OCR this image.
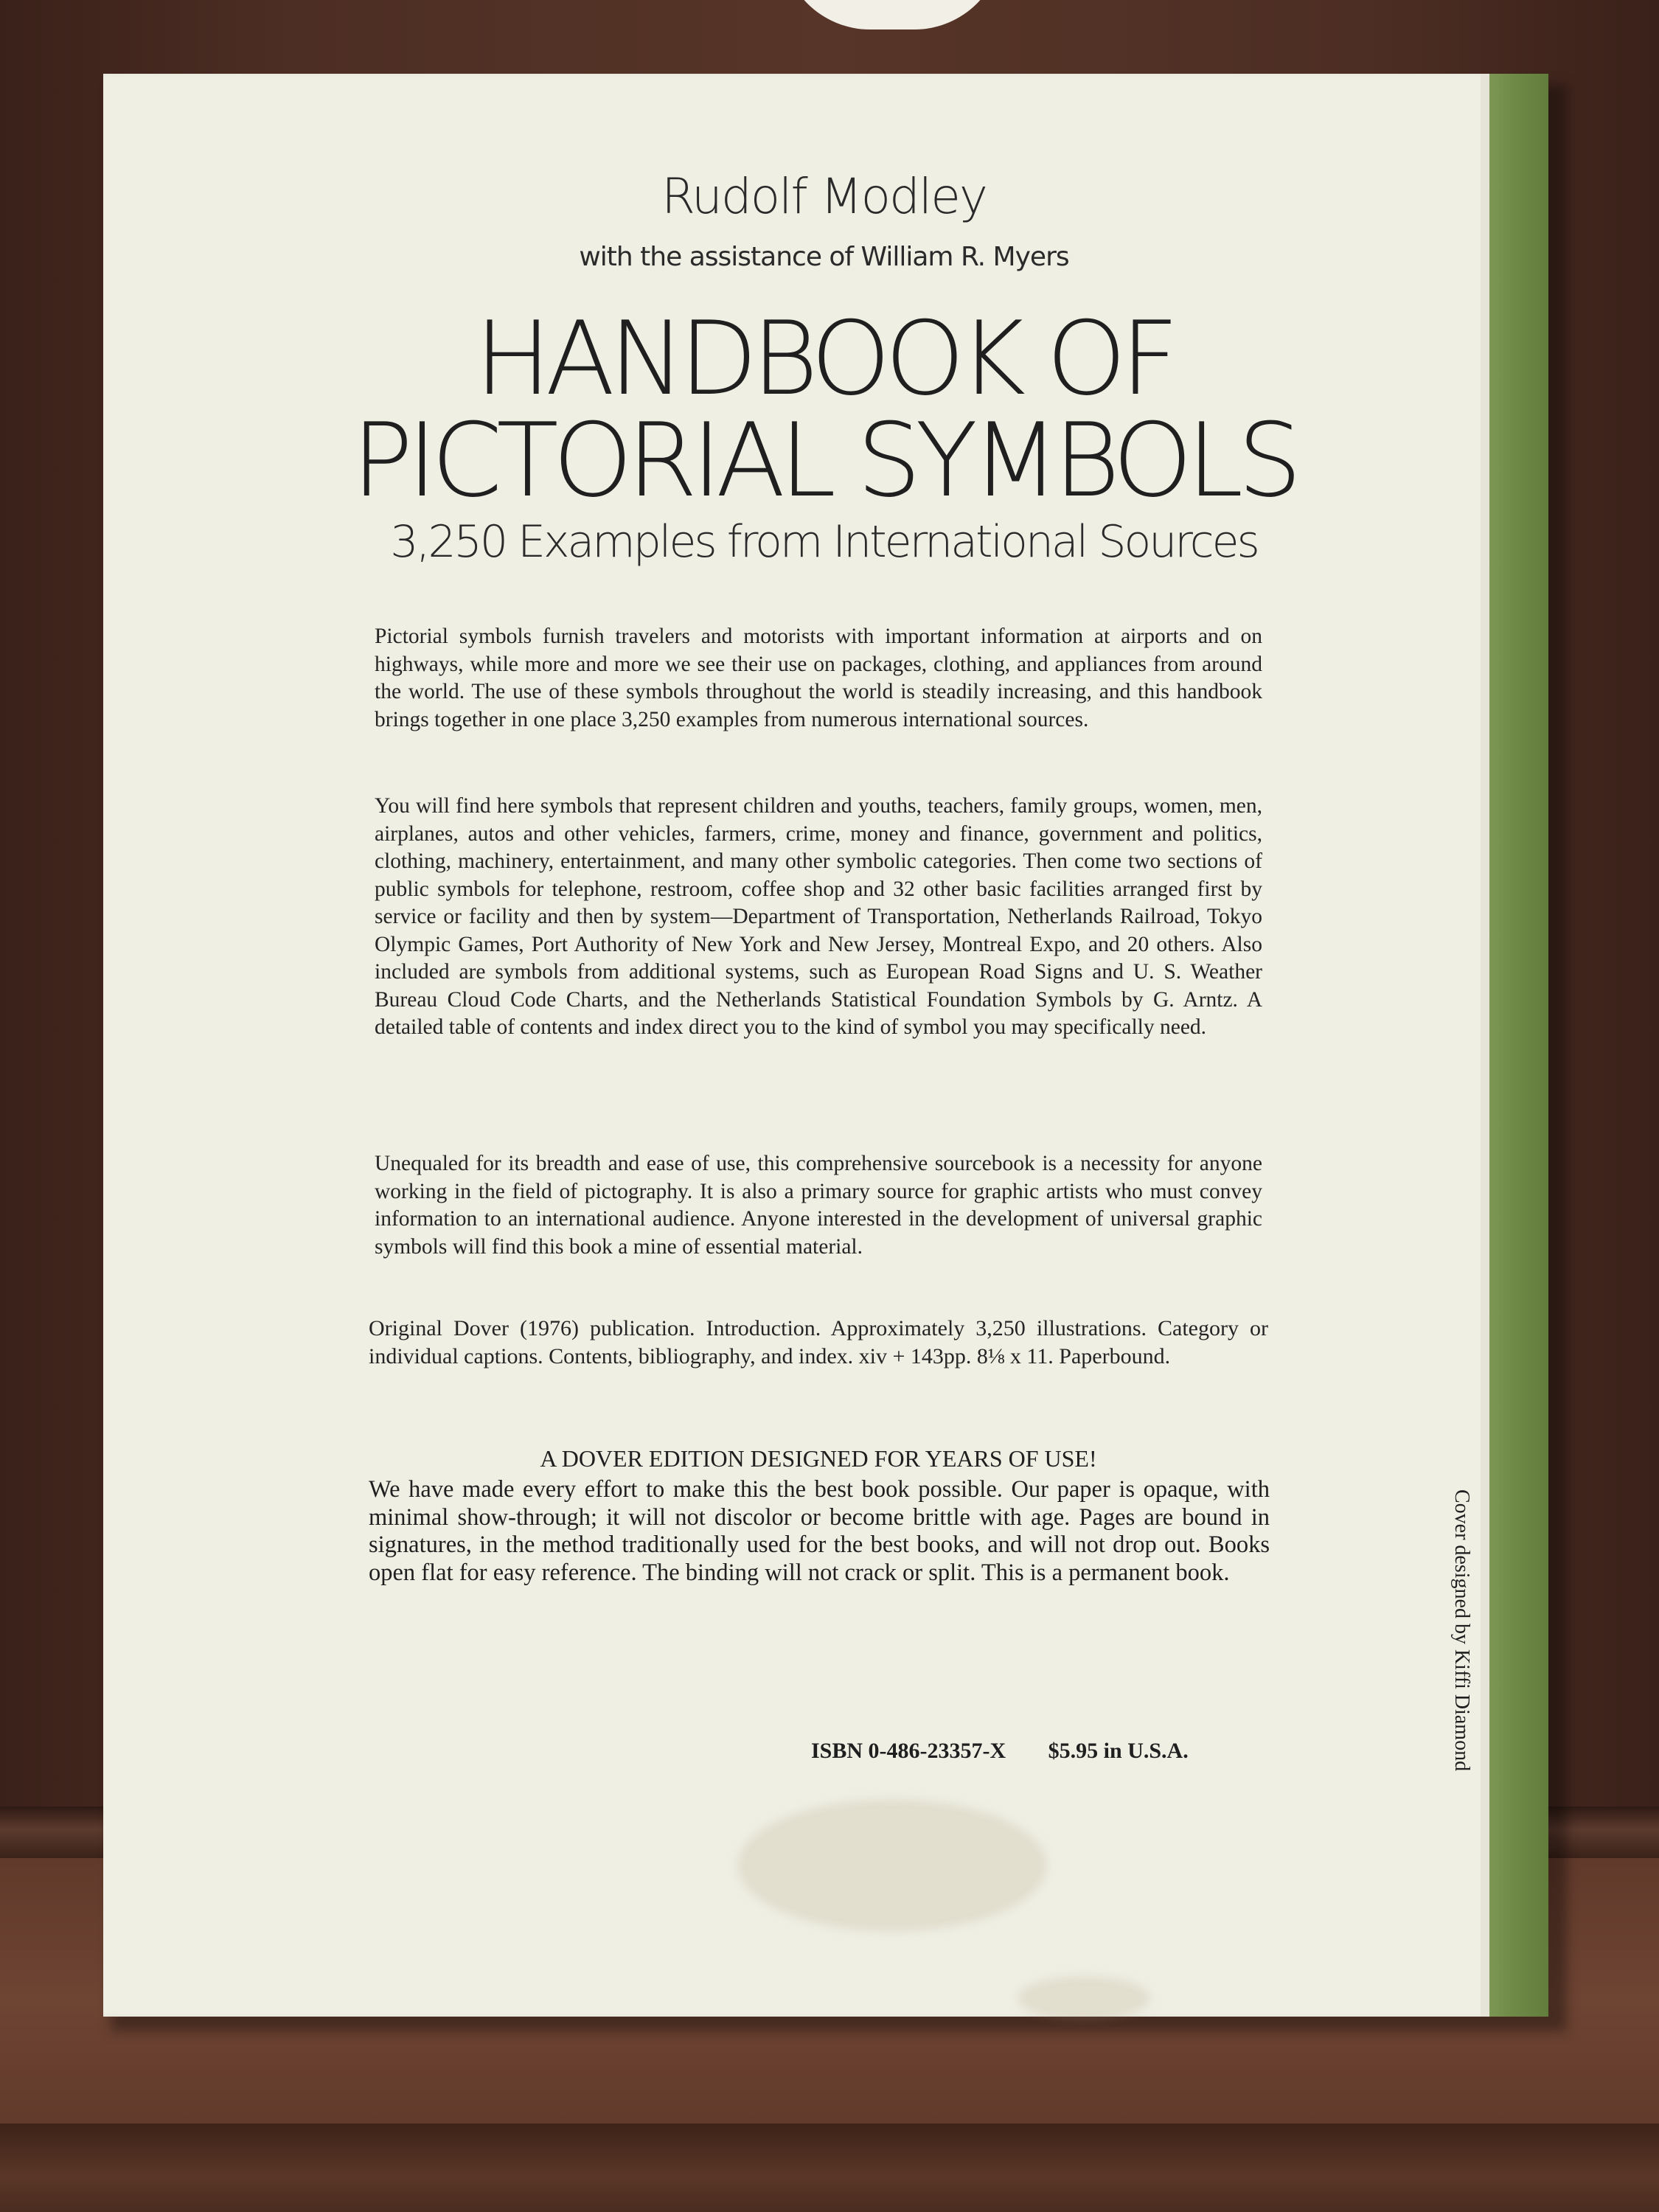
Rudolf Modley
with the assistance of William R. Myers
HANDBOOK OF
PICTORIAL SYMBOLS
3,250 Examples from International Sources
Pictorial symbols furnish travelers and motorists with important information at airports and on highways, while more and more we see their use on packages, clothing, and appliances from around the world. The use of these symbols throughout the world is steadily increasing, and this handbook brings together in one place 3,250 examples from numerous international sources.
You will find here symbols that represent children and youths, teachers, family groups, women, men, airplanes, autos and other vehicles, farmers, crime, money and finance, government and politics, clothing, machinery, entertainment, and many other symbolic categories. Then come two sections of public symbols for telephone, restroom, coffee shop and 32 other basic facilities arranged first by service or facility and then by system—Department of Transportation, Netherlands Railroad, Tokyo Olympic Games, Port Authority of New York and New Jersey, Montreal Expo, and 20 others. Also included are symbols from additional systems, such as European Road Signs and U. S. Weather Bureau Cloud Code Charts, and the Netherlands Statistical Foundation Symbols by G. Arntz. A detailed table of contents and index direct you to the kind of symbol you may specifically need.
Unequaled for its breadth and ease of use, this comprehensive sourcebook is a necessity for anyone working in the field of pictography. It is also a primary source for graphic artists who must convey information to an international audience. Anyone interested in the development of universal graphic symbols will find this book a mine of essential material.
Original Dover (1976) publication. Introduction. Approximately 3,250 illustrations. Category or individual captions. Contents, bibliography, and index. xiv + 143pp. 8⅛ x 11. Paperbound.
A DOVER EDITION DESIGNED FOR YEARS OF USE!
We have made every effort to make this the best book possible. Our paper is opaque, with minimal show-through; it will not discolor or become brittle with age. Pages are bound in signatures, in the method traditionally used for the best books, and will not drop out. Books open flat for easy reference. The binding will not crack or split. This is a permanent book.
ISBN 0-486-23357-X $5.95 in U.S.A.	Cover designed by Kiffi Diamond
